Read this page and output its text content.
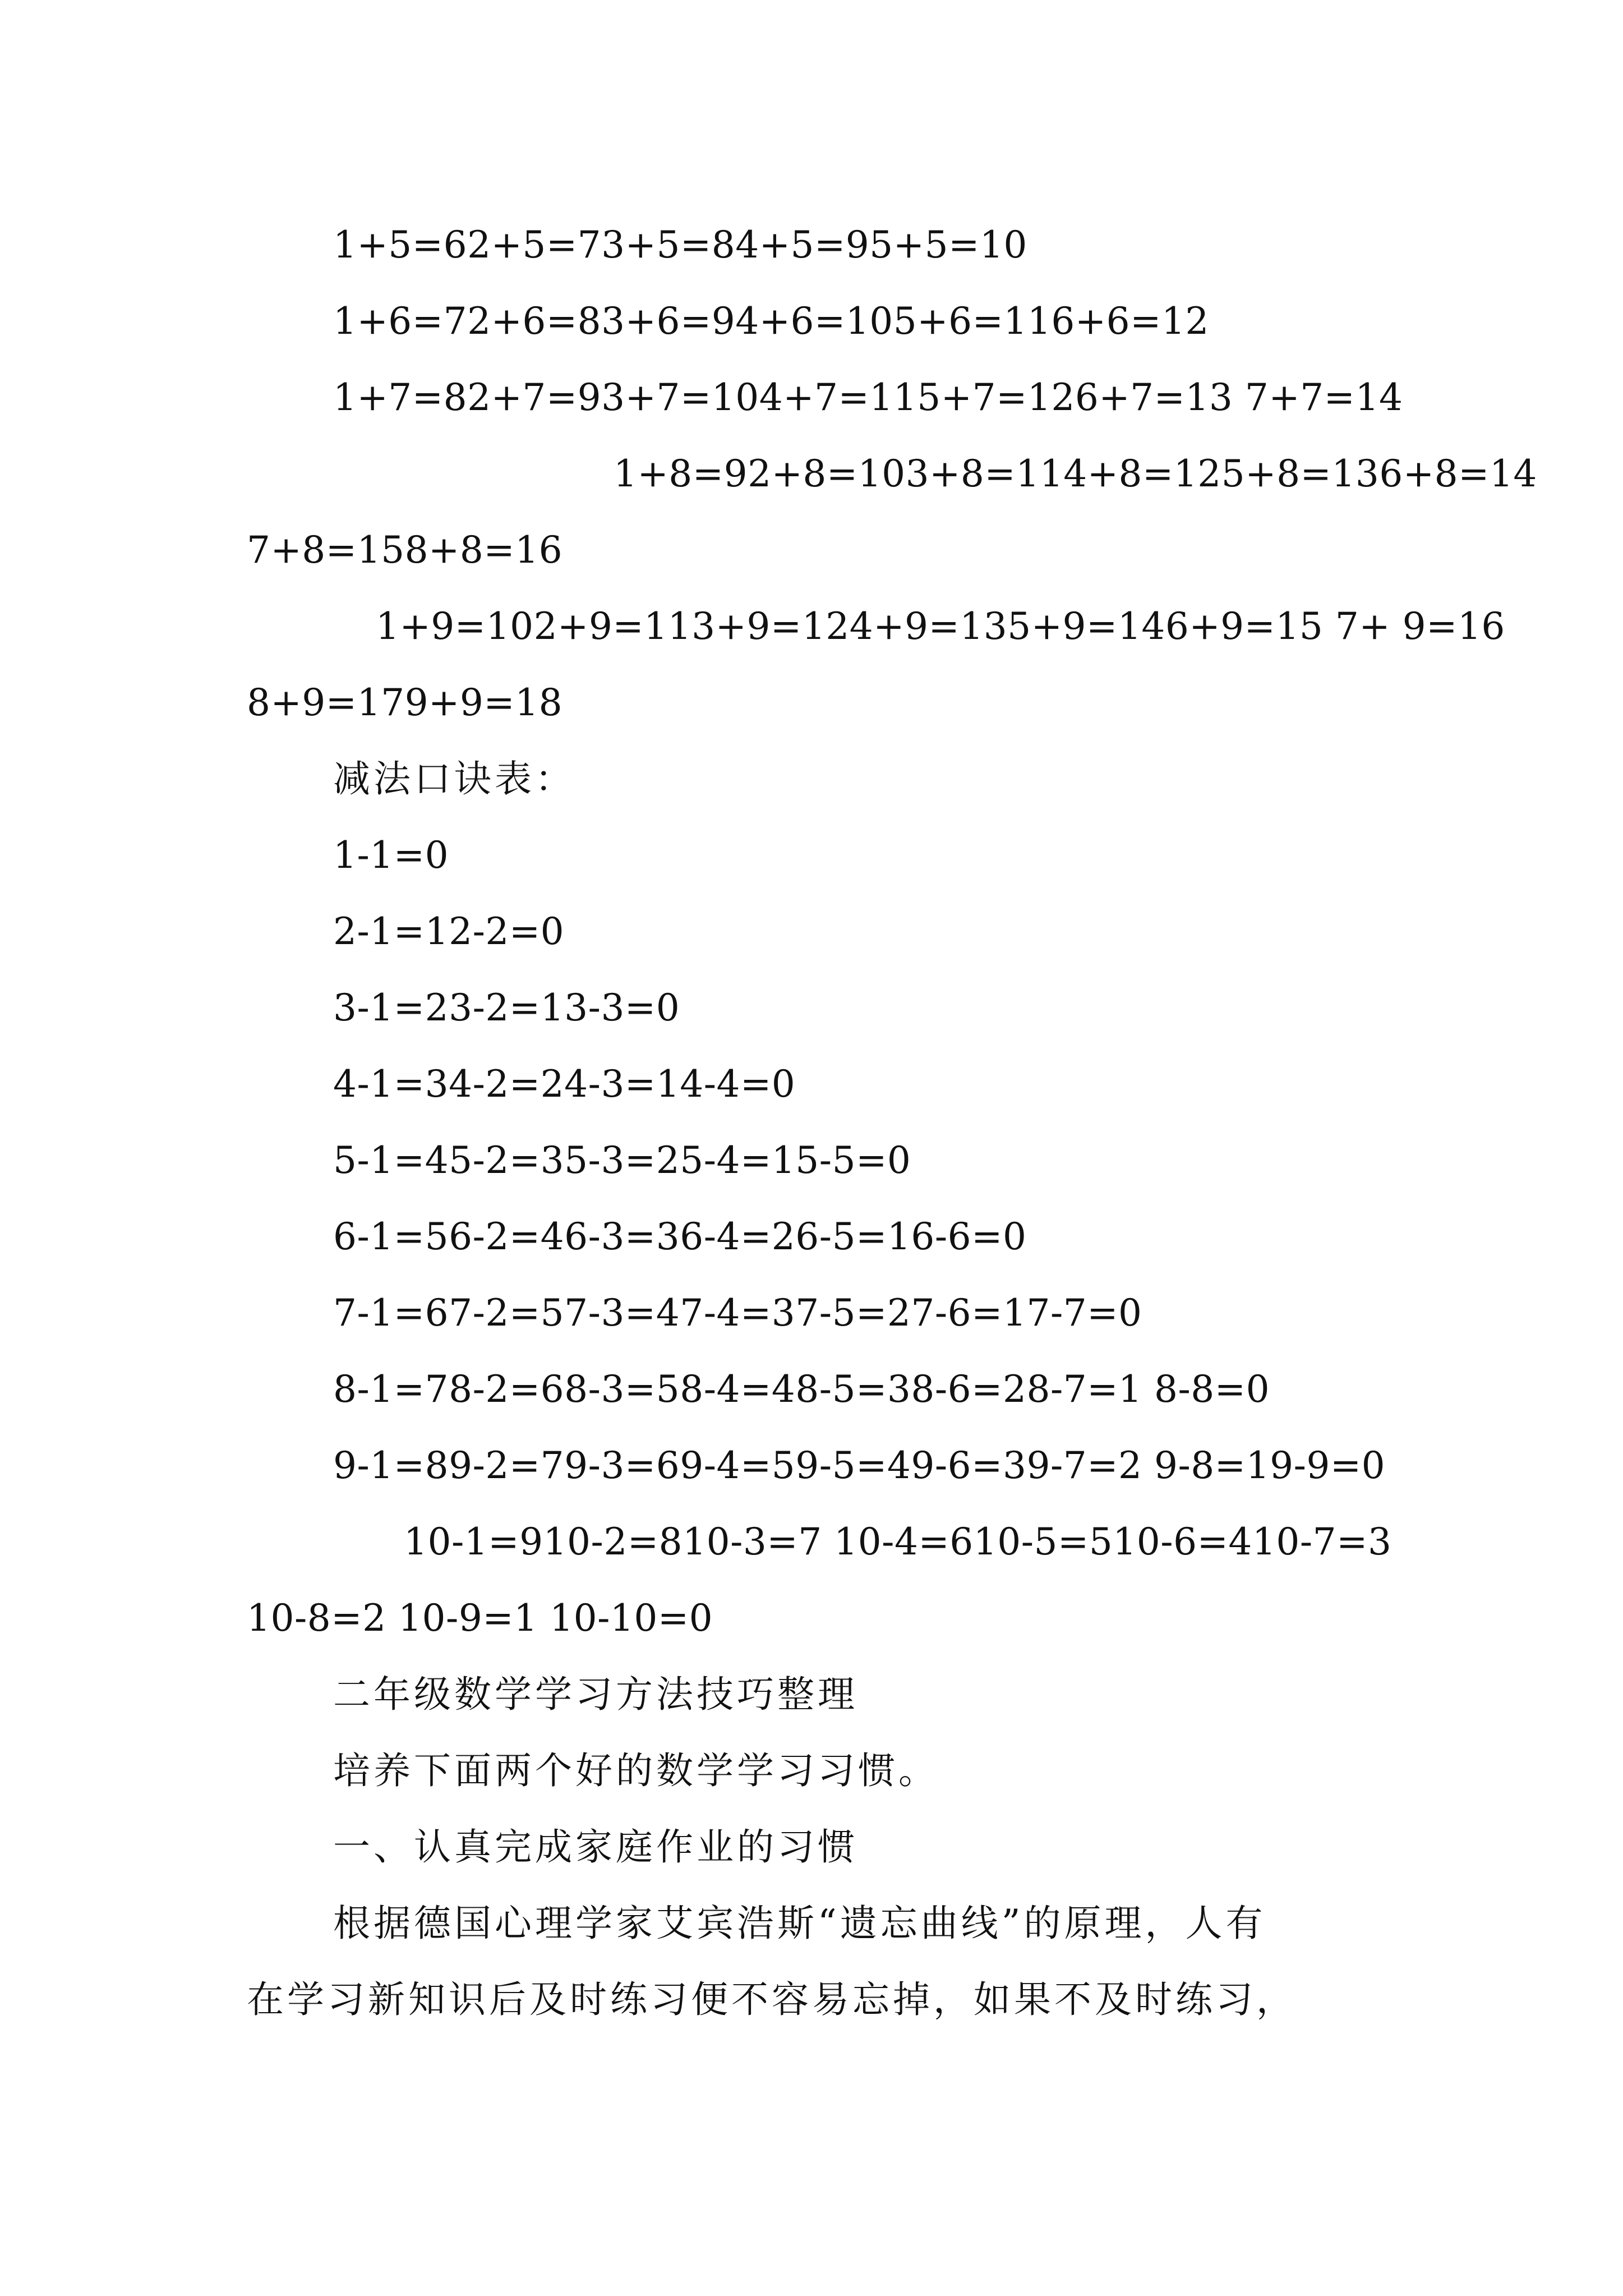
1+5=62+5=73+5=84+5=95+5=10
1+6=72+6=83+6=94+6=105+6=116+6=12
1+7=82+7=93+7=104+7=115+7=126+7=13 7+7=14
1+8=92+8=103+8=114+8=125+8=136+8=14
7+8=158+8=16
1+9=102+9=113+9=124+9=135+9=146+9=15 7+ 9=16
8+9=179+9=18
减法口诀表：
1-1=0
2-1=12-2=0
3-1=23-2=13-3=0
4-1=34-2=24-3=14-4=0
5-1=45-2=35-3=25-4=15-5=0
6-1=56-2=46-3=36-4=26-5=16-6=0
7-1=67-2=57-3=47-4=37-5=27-6=17-7=0
8-1=78-2=68-3=58-4=48-5=38-6=28-7=1 8-8=0
9-1=89-2=79-3=69-4=59-5=49-6=39-7=2 9-8=19-9=0
10-1=910-2=810-3=7 10-4=610-5=510-6=410-7=3
10-8=2 10-9=1 10-10=0
二年级数学学习方法技巧整理
培养下面两个好的数学学习习惯。
一、认真完成家庭作业的习惯
根据德国心理学家艾宾浩斯“遗忘曲线”的原理，人有
在学习新知识后及时练习便不容易忘掉，如果不及时练习，
